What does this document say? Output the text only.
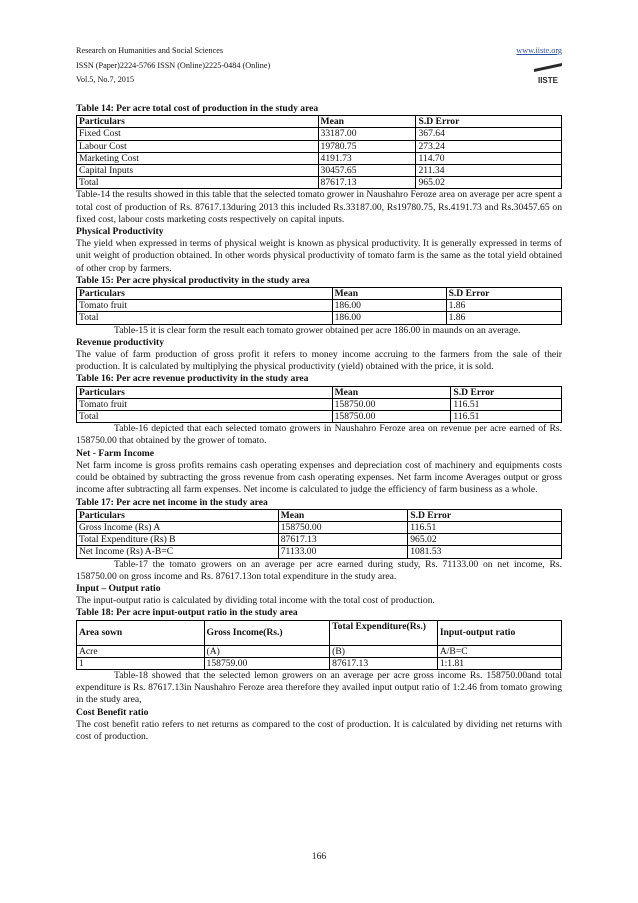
Research on Humanities and Social Sciences
ISSN (Paper)2224-5766 ISSN (Online)2225-0484 (Online)
Vol.5, No.7, 2015
www.iiste.org
IISTE

Table 14: Per acre total cost of production in the study area

Particulars	Mean	S.D Error
Fixed Cost	33187.00	367.64
Labour Cost	19780.75	273.24
Marketing Cost	4191.73	114.70
Capital Inputs	30457.65	211.34
Total	87617.13	965.02

Table-14 the results showed in this table that the selected tomato grower in Naushahro Feroze area on average per acre spent a total cost of production of Rs. 87617.13during 2013 this included Rs.33187.00, Rs19780.75, Rs.4191.73 and Rs.30457.65 on fixed cost, labour costs marketing costs respectively on capital inputs.

Physical Productivity

The yield when expressed in terms of physical weight is known as physical productivity. It is generally expressed in terms of unit weight of production obtained. In other words physical productivity of tomato farm is the same as the total yield obtained of other crop by farmers.

Table 15: Per acre physical productivity in the study area

Particulars	Mean	S.D Error
Tomato fruit	186.00	1.86
Total	186.00	1.86

Table-15 it is clear form the result each tomato grower obtained per acre 186.00 in maunds on an average.

Revenue productivity

The value of farm production of gross profit it refers to money income accruing to the farmers from the sale of their production. It is calculated by multiplying the physical productivity (yield) obtained with the price, it is sold.

Table 16: Per acre revenue productivity in the study area

Particulars	Mean	S.D Error
Tomato fruit	158750.00	116.51
Total	158750.00	116.51

Table-16 depicted that each selected tomato growers in Naushahro Feroze area on revenue per acre earned of Rs. 158750.00 that obtained by the grower of tomato.

Net - Farm Income

Net farm income is gross profits remains cash operating expenses and depreciation cost of machinery and equipments costs could be obtained by subtracting the gross revenue from cash operating expenses. Net farm income Averages output or gross income after subtracting all farm expenses. Net income is calculated to judge the efficiency of farm business as a whole.

Table 17: Per acre net income in the study area

Particulars	Mean	S.D Error
Gross Income (Rs) A	158750.00	116.51
Total Expenditure (Rs) B	87617.13	965.02
Net Income (Rs) A-B=C	71133.00	1081.53

Table-17 the tomato growers on an average per acre earned during study, Rs. 71133.00 on net income, Rs. 158750.00 on gross income and Rs. 87617.13on total expenditure in the study area.

Input – Output ratio

The input-output ratio is calculated by dividing total income with the total cost of production.

Table 18: Per acre input-output ratio in the study area

Area sown	Gross Income(Rs.)	Total Expenditure(Rs.)	Input-output ratio
Acre	(A)	(B)	A/B=C
1	158759.00	87617.13	1:1.81

Table-18 showed that the selected lemon growers on an average per acre gross income Rs. 158750.00and total expenditure is Rs. 87617.13in Naushahro Feroze area therefore they availed input output ratio of 1:2.46 from tomato growing in the study area,

Cost Benefit ratio

The cost benefit ratio refers to net returns as compared to the cost of production. It is calculated by dividing net returns with cost of production.

166
